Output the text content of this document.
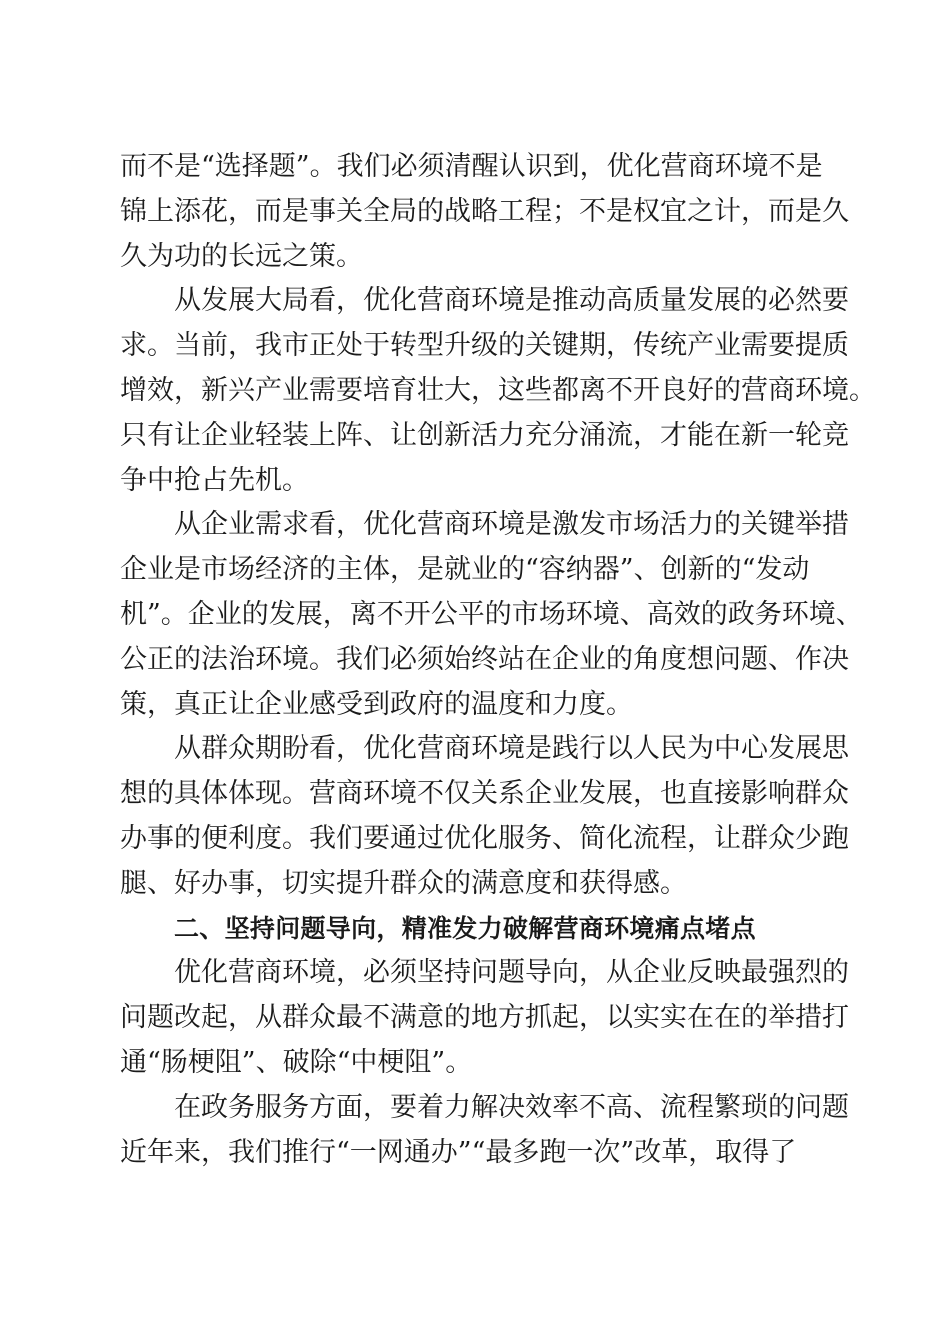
而不是“选择题”。我们必须清醒认识到，优化营商环境不是
锦上添花，而是事关全局的战略工程；不是权宜之计，而是久
久为功的长远之策。
从发展大局看，优化营商环境是推动高质量发展的必然要
求。当前，我市正处于转型升级的关键期，传统产业需要提质
增效，新兴产业需要培育壮大，这些都离不开良好的营商环境。
只有让企业轻装上阵、让创新活力充分涌流，才能在新一轮竞
争中抢占先机。
从企业需求看，优化营商环境是激发市场活力的关键举措
企业是市场经济的主体，是就业的“容纳器”、创新的“发动
机”。企业的发展，离不开公平的市场环境、高效的政务环境、
公正的法治环境。我们必须始终站在企业的角度想问题、作决
策，真正让企业感受到政府的温度和力度。
从群众期盼看，优化营商环境是践行以人民为中心发展思
想的具体体现。营商环境不仅关系企业发展，也直接影响群众
办事的便利度。我们要通过优化服务、简化流程，让群众少跑
腿、好办事，切实提升群众的满意度和获得感。
二、坚持问题导向，精准发力破解营商环境痛点堵点
优化营商环境，必须坚持问题导向，从企业反映最强烈的
问题改起，从群众最不满意的地方抓起，以实实在在的举措打
通“肠梗阻”、破除“中梗阻”。
在政务服务方面，要着力解决效率不高、流程繁琐的问题
近年来，我们推行“一网通办”“最多跑一次”改革，取得了
